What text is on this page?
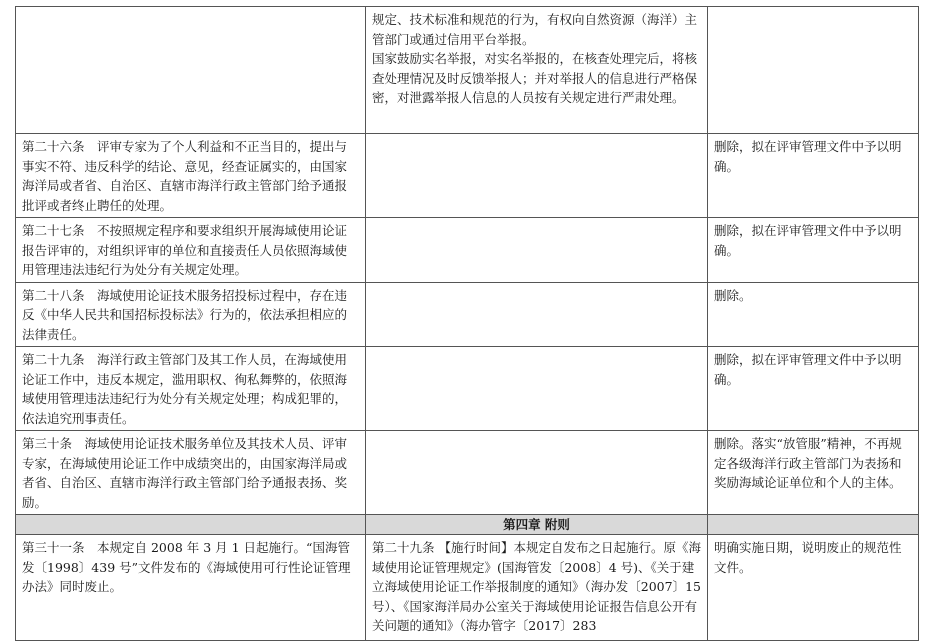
	规定、技术标准和规范的行为，有权向自然资源（海洋）主管部门或通过信用平台举报。

国家鼓励实名举报，对实名举报的，在核查处理完后，将核查处理情况及时反馈举报人；并对举报人的信息进行严格保密，对泄露举报人信息的人员按有关规定进行严肃处理。	

第二十六条　评审专家为了个人利益和不正当目的，提出与事实不符、违反科学的结论、意见，经查证属实的，由国家海洋局或者省、自治区、直辖市海洋行政主管部门给予通报批评或者终止聘任的处理。		删除，拟在评审管理文件中予以明确。
第二十七条　不按照规定程序和要求组织开展海域使用论证报告评审的，对组织评审的单位和直接责任人员依照海域使用管理违法违纪行为处分有关规定处理。		删除，拟在评审管理文件中予以明确。
第二十八条　海域使用论证技术服务招投标过程中，存在违反《中华人民共和国招标投标法》行为的，依法承担相应的法律责任。		删除。
第二十九条　海洋行政主管部门及其工作人员，在海域使用论证工作中，违反本规定，滥用职权、徇私舞弊的，依照海域使用管理违法违纪行为处分有关规定处理；构成犯罪的，依法追究刑事责任。		删除，拟在评审管理文件中予以明确。
第三十条　海域使用论证技术服务单位及其技术人员、评审专家，在海域使用论证工作中成绩突出的，由国家海洋局或者省、自治区、直辖市海洋行政主管部门给予通报表扬、奖励。		删除。落实“放管服”精神，不再规定各级海洋行政主管部门为表扬和奖励海域论证单位和个人的主体。
	第四章 附则	
第三十一条　本规定自 2008 年 3 月 1 日起施行。“国海管发〔1998〕439 号”文件发布的《海域使用可行性论证管理办法》同时废止。	第二十九条 【施行时间】本规定自发布之日起施行。原《海域使用论证管理规定》(国海管发〔2008〕4 号)、《关于建立海域使用论证工作举报制度的通知》（海办发〔2007〕15 号）、《国家海洋局办公室关于海域使用论证报告信息公开有关问题的通知》（海办管字〔2017〕283	明确实施日期，说明废止的规范性文件。
